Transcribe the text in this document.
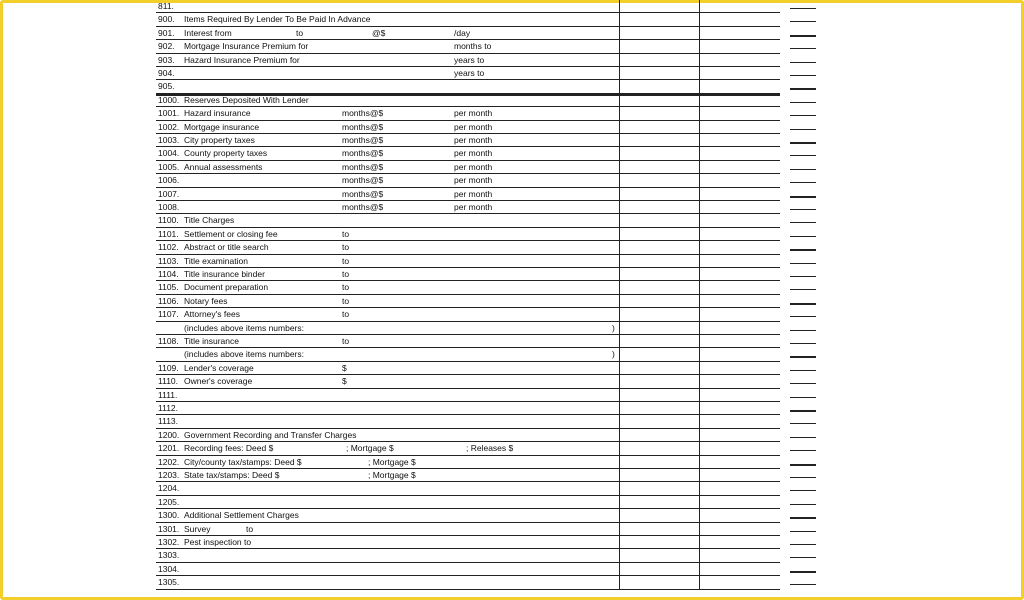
811.
900. Items Required By Lender To Be Paid In Advance
901. Interest from	to	@$	/day
902. Mortgage Insurance Premium for	months to
903. Hazard Insurance Premium for	years to
904.	years to
905.
1000. Reserves Deposited With Lender
1001. Hazard insurance	months@$	per month
1002. Mortgage insurance	months@$	per month
1003. City property taxes	months@$	per month
1004. County property taxes	months@$	per month
1005. Annual assessments	months@$	per month
1006.	months@$	per month
1007.	months@$	per month
1008.	months@$	per month
1100. Title Charges
1101. Settlement or closing fee	to
1102. Abstract or title search	to
1103. Title examination	to
1104. Title insurance binder	to
1105. Document preparation	to
1106. Notary fees	to
1107. Attorney's fees	to
(includes above items numbers:	)
1108. Title insurance	to
(includes above items numbers:	)
1109. Lender's coverage	$
1110. Owner's coverage	$
1111.
1112.
1113.
1200. Government Recording and Transfer Charges
1201. Recording fees: Deed $	; Mortgage $	; Releases $
1202. City/county tax/stamps: Deed $	; Mortgage $
1203. State tax/stamps: Deed $	; Mortgage $
1204.
1205.
1300. Additional Settlement Charges
1301. Survey	to
1302. Pest inspection to
1303.
1304.
1305.
